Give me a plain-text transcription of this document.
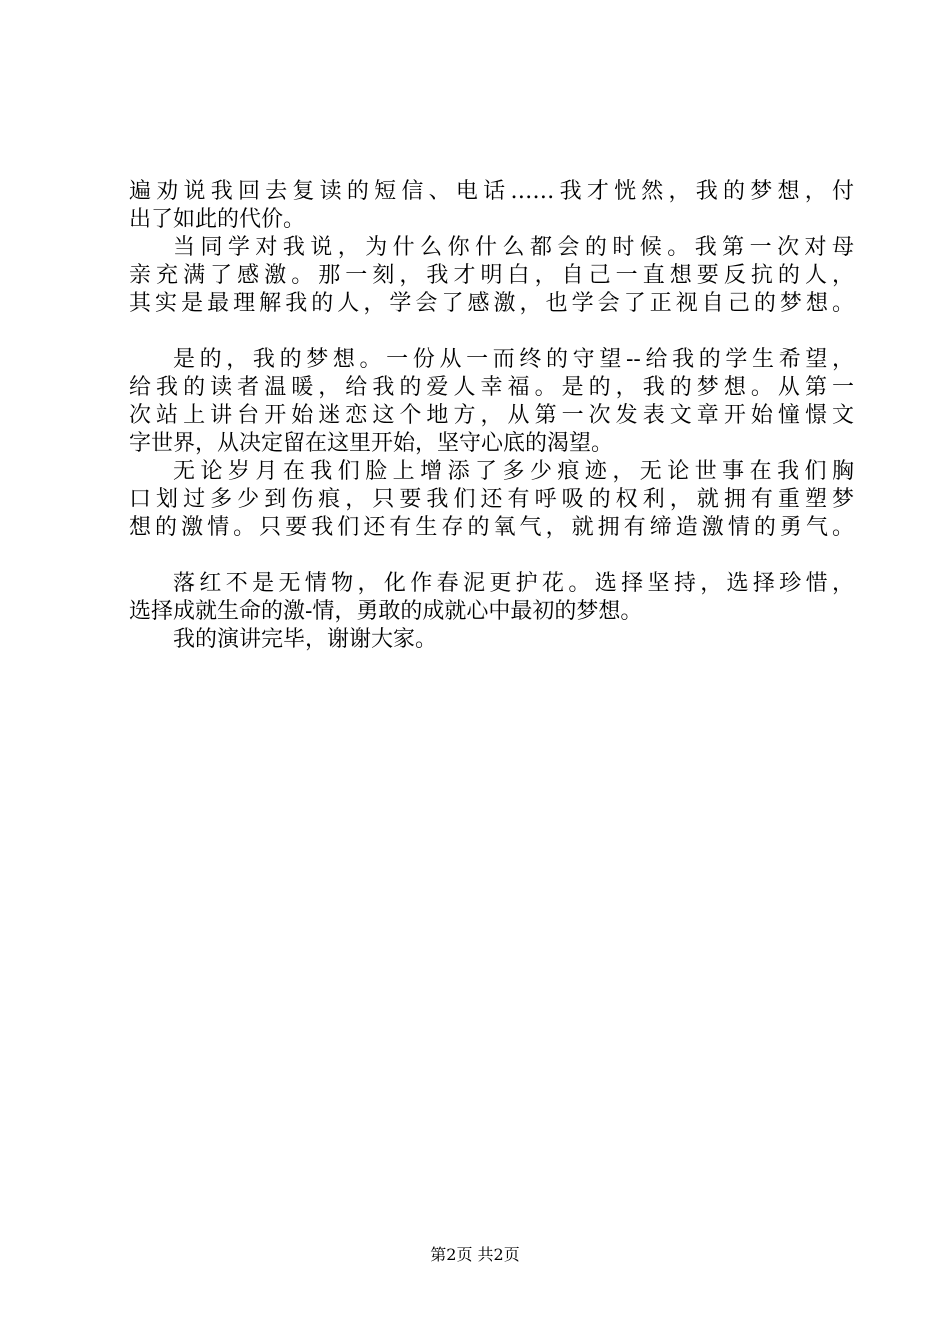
遍劝说我回去复读的短信、电话……我才恍然，我的梦想，付
出了如此的代价。
当同学对我说，为什么你什么都会的时候。我第一次对母
亲充满了感激。那一刻，我才明白，自己一直想要反抗的人，
其实是最理解我的人，学会了感激，也学会了正视自己的梦想。
是的，我的梦想。一份从一而终的守望--给我的学生希望，
给我的读者温暖，给我的爱人幸福。是的，我的梦想。从第一
次站上讲台开始迷恋这个地方，从第一次发表文章开始憧憬文
字世界，从决定留在这里开始，坚守心底的渴望。
无论岁月在我们脸上增添了多少痕迹，无论世事在我们胸
口划过多少到伤痕，只要我们还有呼吸的权利，就拥有重塑梦
想的激情。只要我们还有生存的氧气，就拥有缔造激情的勇气。
落红不是无情物，化作春泥更护花。选择坚持，选择珍惜，
选择成就生命的激-情，勇敢的成就心中最初的梦想。
我的演讲完毕，谢谢大家。
第2页 共2页
